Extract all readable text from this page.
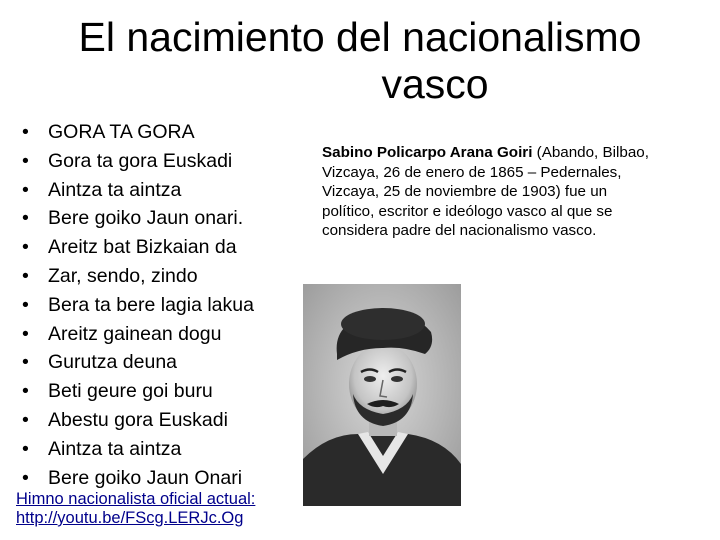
El nacimiento del nacionalismo
vasco
• GORA TA GORA
• Gora ta gora Euskadi
• Aintza ta aintza
• Bere goiko Jaun onari.
• Areitz bat Bizkaian da
• Zar, sendo, zindo
• Bera ta bere lagia lakua
• Areitz gainean dogu
• Gurutza deuna
• Beti geure goi buru
• Abestu gora Euskadi
• Aintza ta aintza
• Bere goiko Jaun Onari
Himno nacionalista oficial actual:
http://youtu.be/FScg.LERJc.Og
Sabino Policarpo Arana Goiri (Abando, Bilbao, Vizcaya, 26 de enero de 1865 – Pedernales, Vizcaya, 25 de noviembre de 1903) fue un político, escritor e ideólogo vasco al que se considera padre del nacionalismo vasco.
